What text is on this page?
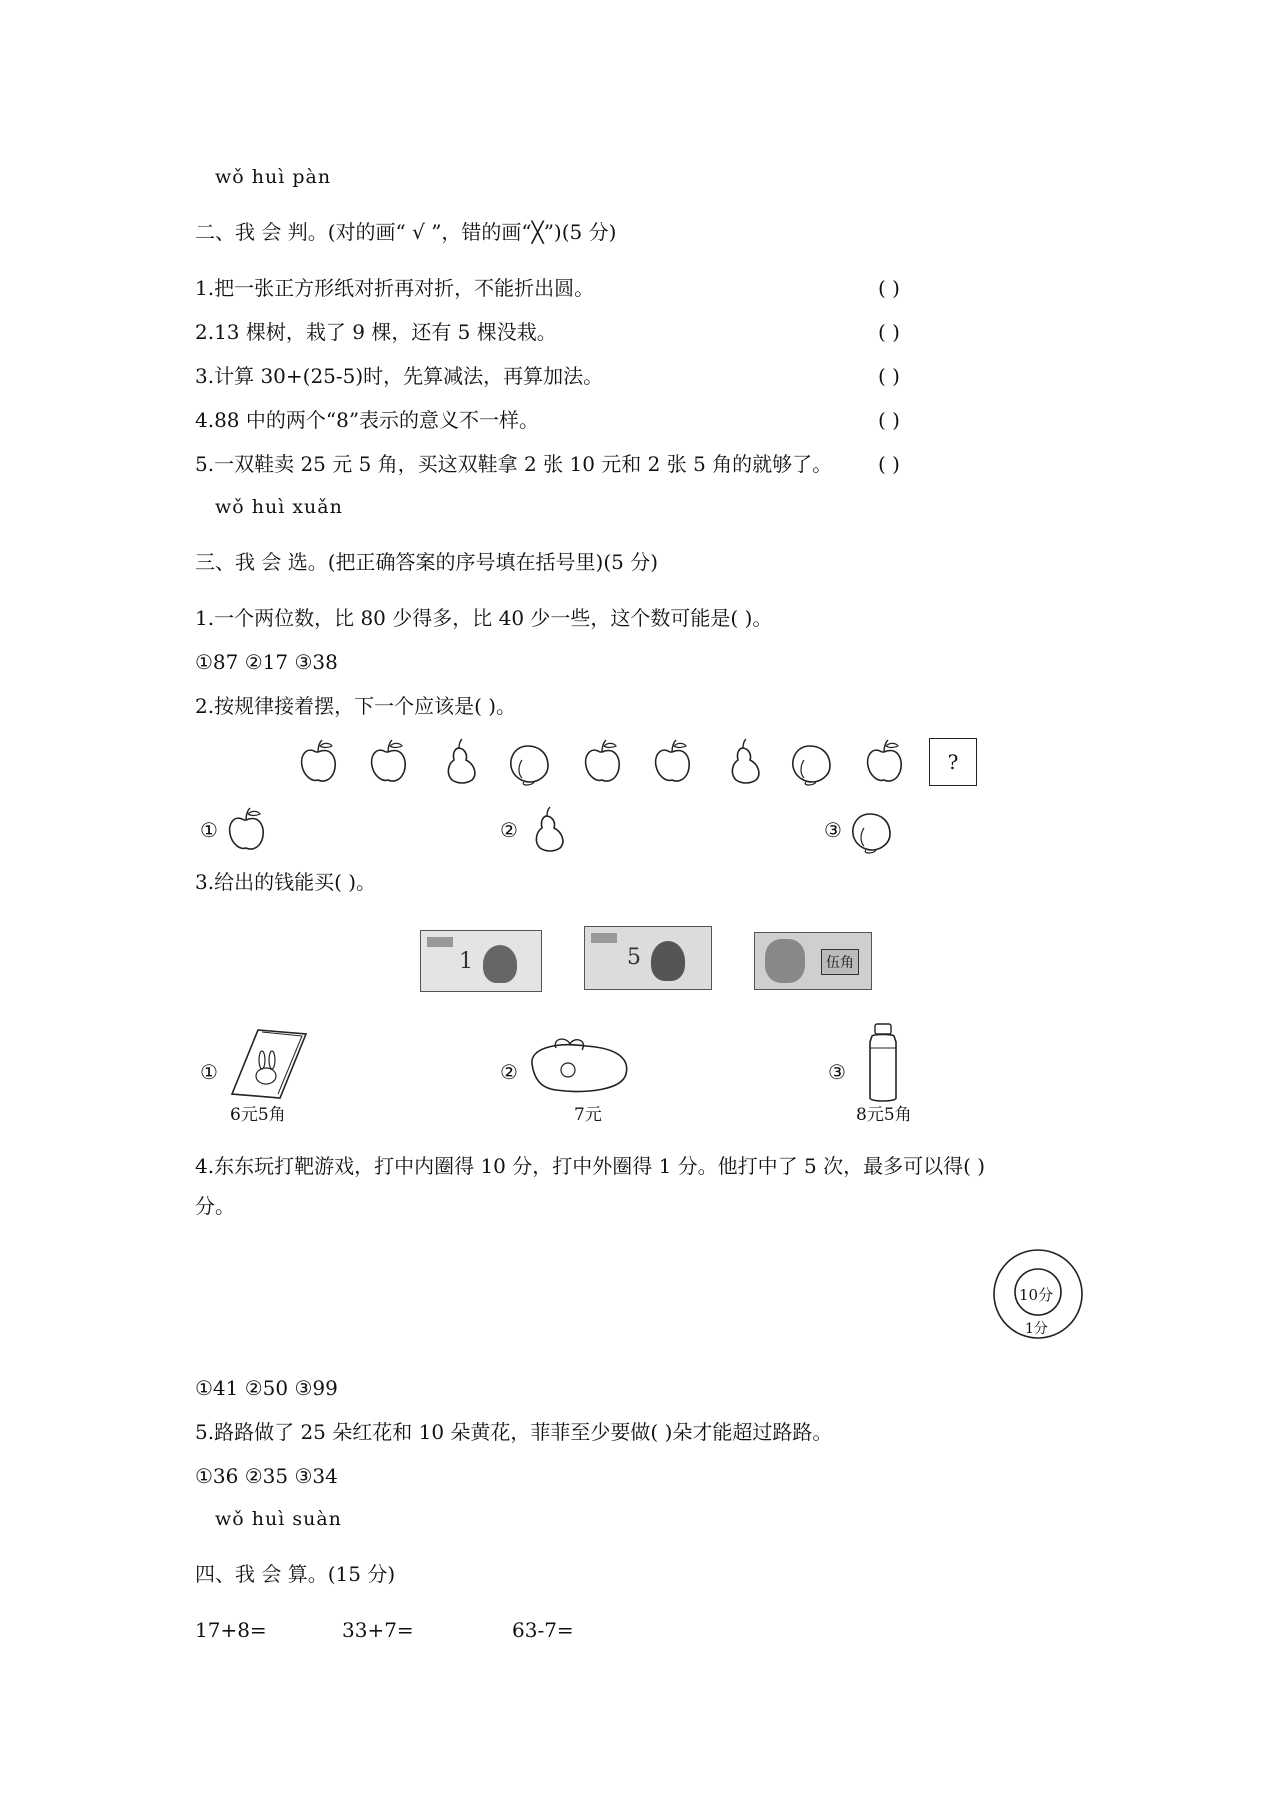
wǒ huì pàn
二、我 会 判。(对的画“ √ ”，错的画“╳”)(5 分)
1.把一张正方形纸对折再对折，不能折出圆。	( )
2.13 棵树，栽了 9 棵，还有 5 棵没栽。	( )
3.计算 30+(25-5)时，先算减法，再算加法。	( )
4.88 中的两个“8”表示的意义不一样。	( )
5.一双鞋卖 25 元 5 角，买这双鞋拿 2 张 10 元和 2 张 5 角的就够了。 ( )
wǒ huì xuǎn
三、我 会 选。(把正确答案的序号填在括号里)(5 分)
1.一个两位数，比 80 少得多，比 40 少一些，这个数可能是( )。
①87 ②17 ③38
2.按规律接着摆，下一个应该是( )。
?
①	②	③
3.给出的钱能买( )。
1	5	伍角
①
6元5角
②
7元
③
8元5角
4.东东玩打靶游戏，打中内圈得 10 分，打中外圈得 1 分。他打中了 5 次，最多可以得( )
分。
10分
1分
①41 ②50 ③99
5.路路做了 25 朵红花和 10 朵黄花，菲菲至少要做( )朵才能超过路路。
①36 ②35 ③34
wǒ huì suàn
四、我 会 算。(15 分)
17+8=	33+7=	63-7=
